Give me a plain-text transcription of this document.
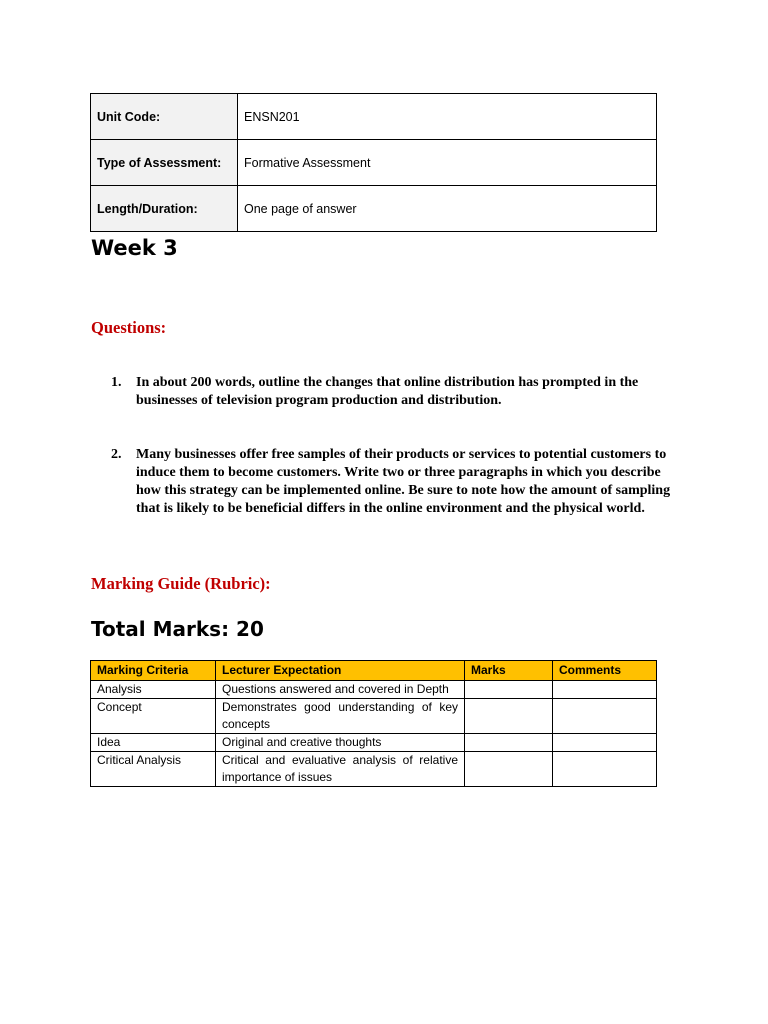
Unit Code:	ENSN201
Type of Assessment:	Formative Assessment
Length/Duration:	One page of answer
Week 3
Questions:
1. In about 200 words, outline the changes that online distribution has prompted in the businesses of television program production and distribution.
2. Many businesses offer free samples of their products or services to potential customers to induce them to become customers. Write two or three paragraphs in which you describe how this strategy can be implemented online. Be sure to note how the amount of sampling that is likely to be beneficial differs in the online environment and the physical world.
Marking Guide (Rubric):
Total Marks: 20
Marking Criteria	Lecturer Expectation	Marks	Comments
Analysis	Questions answered and covered in Depth		
Concept	Demonstrates good understanding of key concepts		
Idea	Original and creative thoughts		
Critical Analysis	Critical and evaluative analysis of relative importance of issues		
